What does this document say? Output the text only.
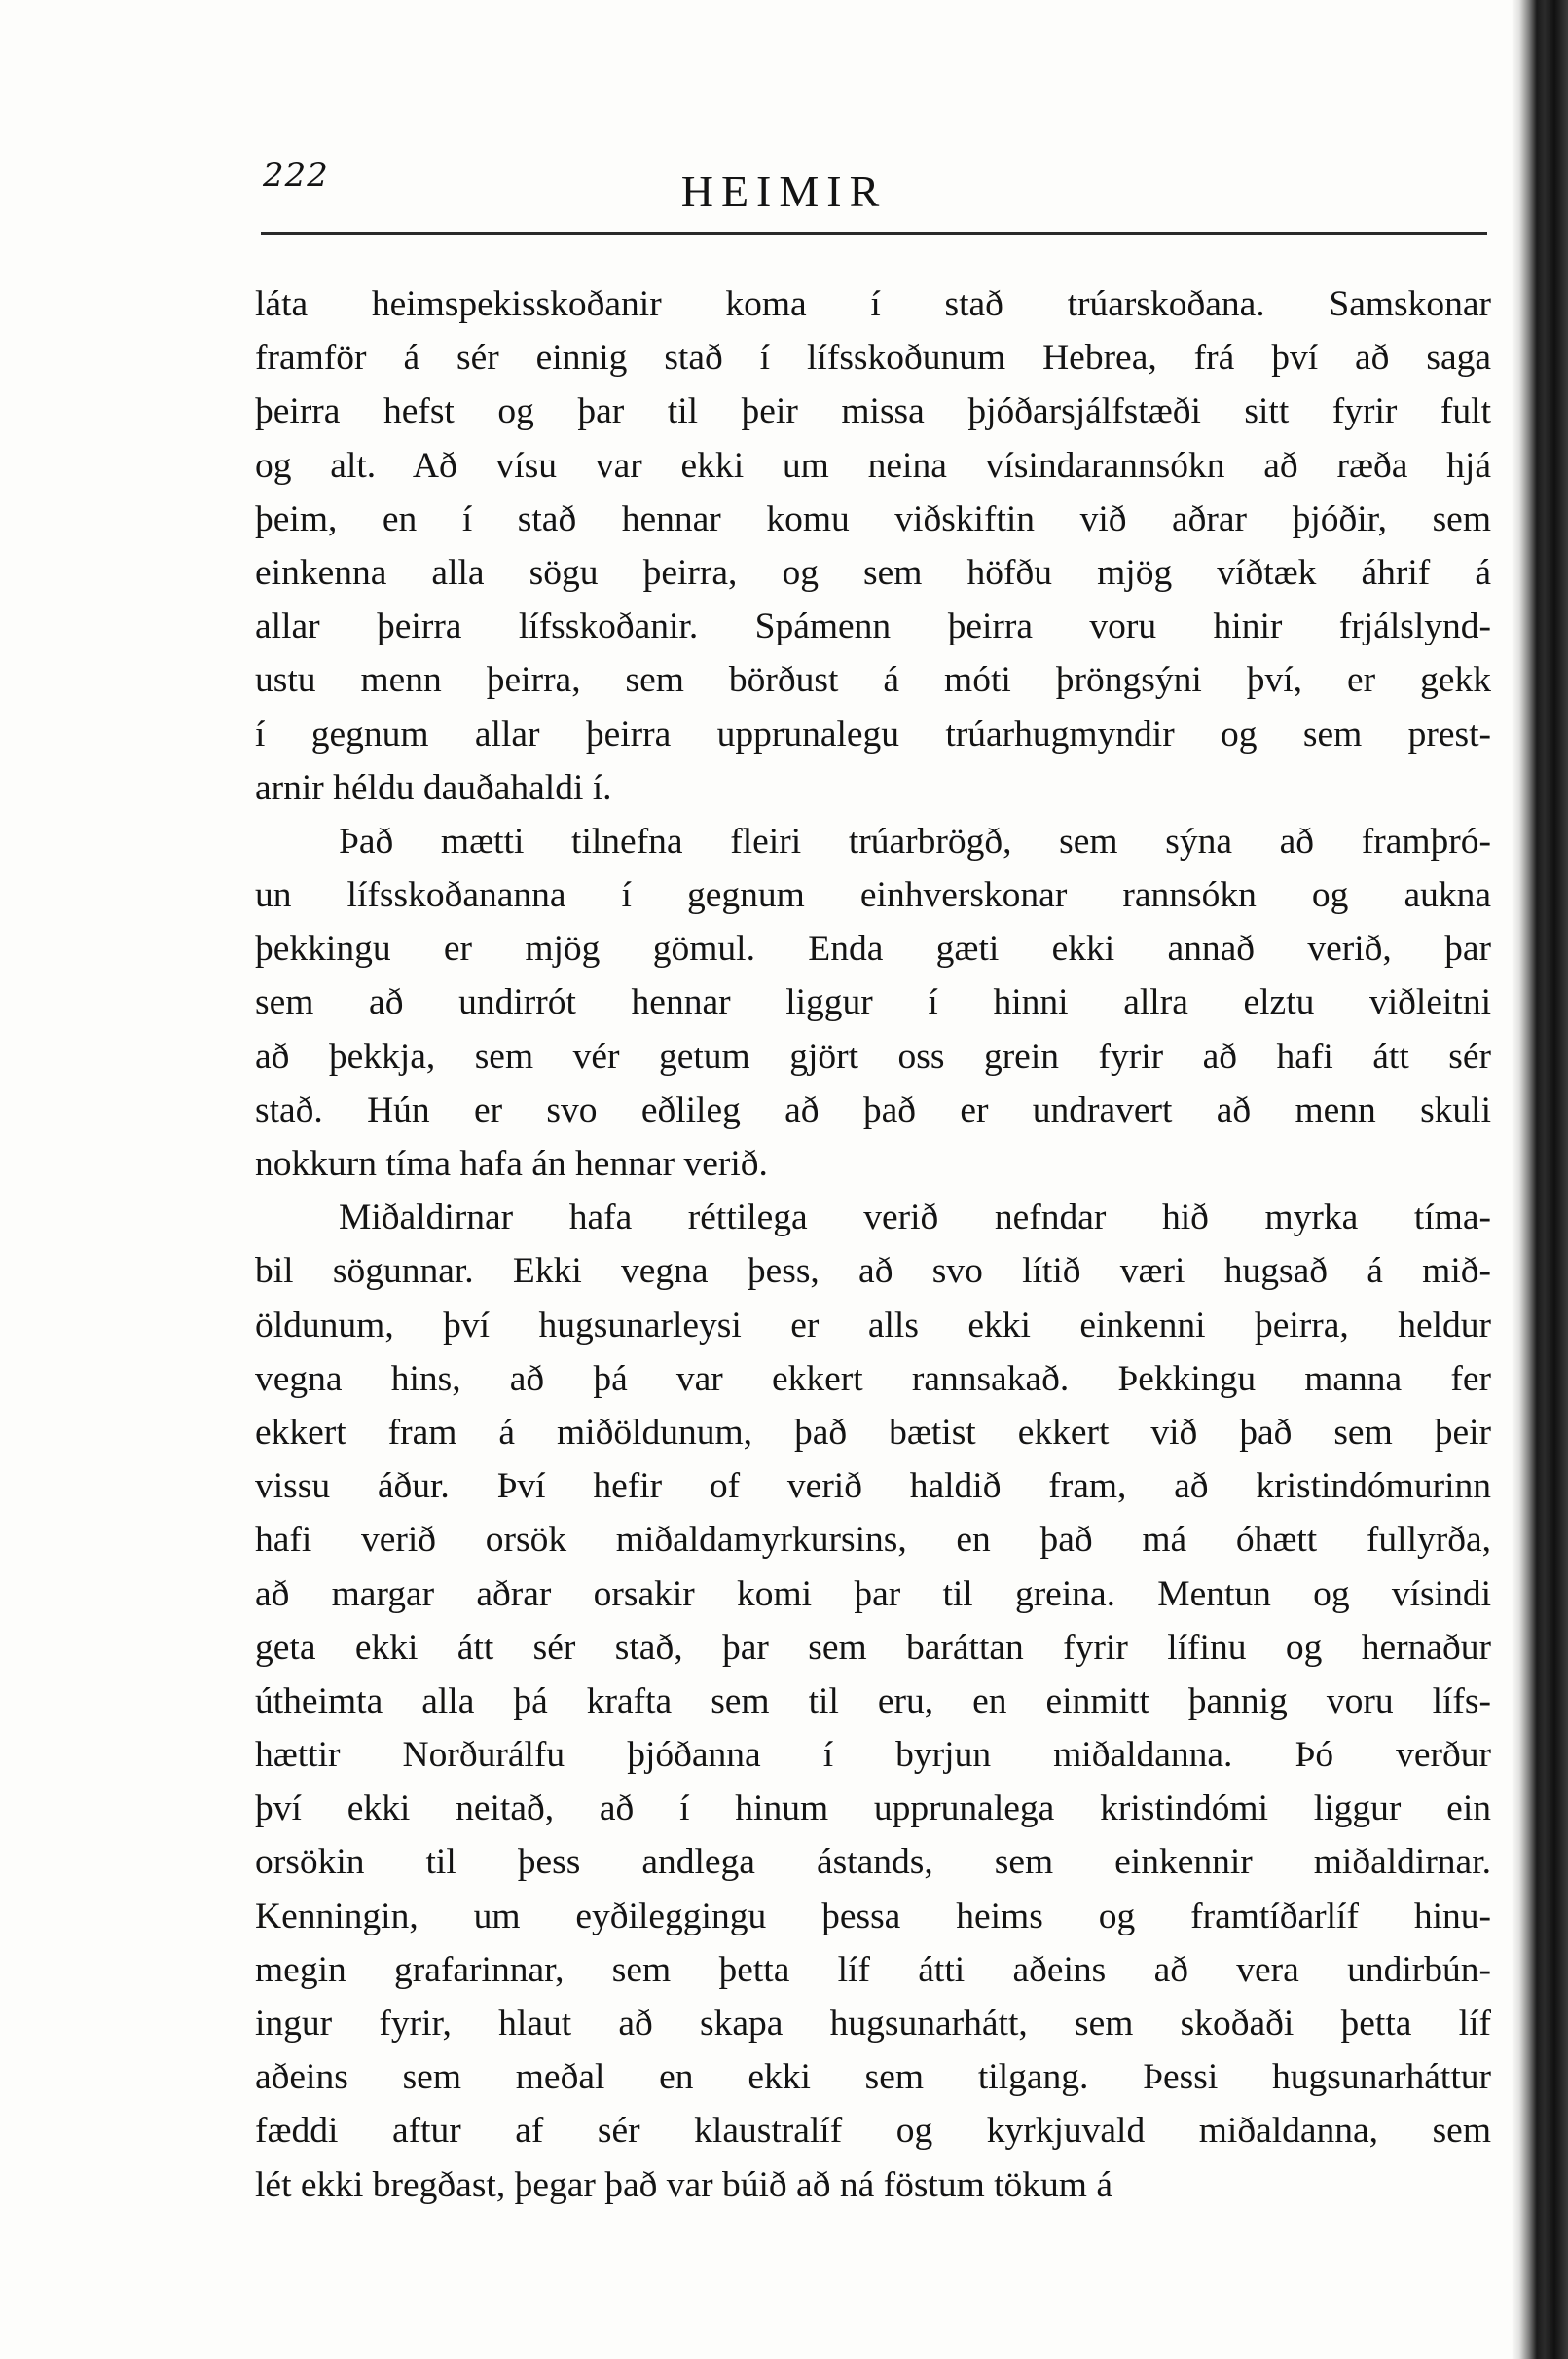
222	HEIMIR
láta heimspekisskoðanir koma í stað trúarskoðana. Samskonar
framför á sér einnig stað í lífsskoðunum Hebrea, frá því að saga
þeirra hefst og þar til þeir missa þjóðarsjálfstæði sitt fyrir fult
og alt. Að vísu var ekki um neina vísindarannsókn að ræða hjá
þeim, en í stað hennar komu viðskiftin við aðrar þjóðir, sem
einkenna alla sögu þeirra, og sem höfðu mjög víðtæk áhrif á
allar þeirra lífsskoðanir. Spámenn þeirra voru hinir frjálslynd-
ustu menn þeirra, sem börðust á móti þröngsýni því, er gekk
í gegnum allar þeirra upprunalegu trúarhugmyndir og sem prest-
arnir héldu dauðahaldi í.
Það mætti tilnefna fleiri trúarbrögð, sem sýna að framþró-
un lífsskoðananna í gegnum einhverskonar rannsókn og aukna
þekkingu er mjög gömul. Enda gæti ekki annað verið, þar
sem að undirrót hennar liggur í hinni allra elztu viðleitni
að þekkja, sem vér getum gjört oss grein fyrir að hafi átt sér
stað. Hún er svo eðlileg að það er undravert að menn skuli
nokkurn tíma hafa án hennar verið.
Miðaldirnar hafa réttilega verið nefndar hið myrka tíma-
bil sögunnar. Ekki vegna þess, að svo lítið væri hugsað á mið-
öldunum, því hugsunarleysi er alls ekki einkenni þeirra, heldur
vegna hins, að þá var ekkert rannsakað. Þekkingu manna fer
ekkert fram á miðöldunum, það bætist ekkert við það sem þeir
vissu áður. Því hefir of verið haldið fram, að kristindómurinn
hafi verið orsök miðaldamyrkursins, en það má óhætt fullyrða,
að margar aðrar orsakir komi þar til greina. Mentun og vísindi
geta ekki átt sér stað, þar sem baráttan fyrir lífinu og hernaður
útheimta alla þá krafta sem til eru, en einmitt þannig voru lífs-
hættir Norðurálfu þjóðanna í byrjun miðaldanna. Þó verður
því ekki neitað, að í hinum upprunalega kristindómi liggur ein
orsökin til þess andlega ástands, sem einkennir miðaldirnar.
Kenningin, um eyðileggingu þessa heims og framtíðarlíf hinu-
megin grafarinnar, sem þetta líf átti aðeins að vera undirbún-
ingur fyrir, hlaut að skapa hugsunarhátt, sem skoðaði þetta líf
aðeins sem meðal en ekki sem tilgang. Þessi hugsunarháttur
fæddi aftur af sér klaustralíf og kyrkjuvald miðaldanna, sem
lét ekki bregðast, þegar það var búið að ná föstum tökum á
